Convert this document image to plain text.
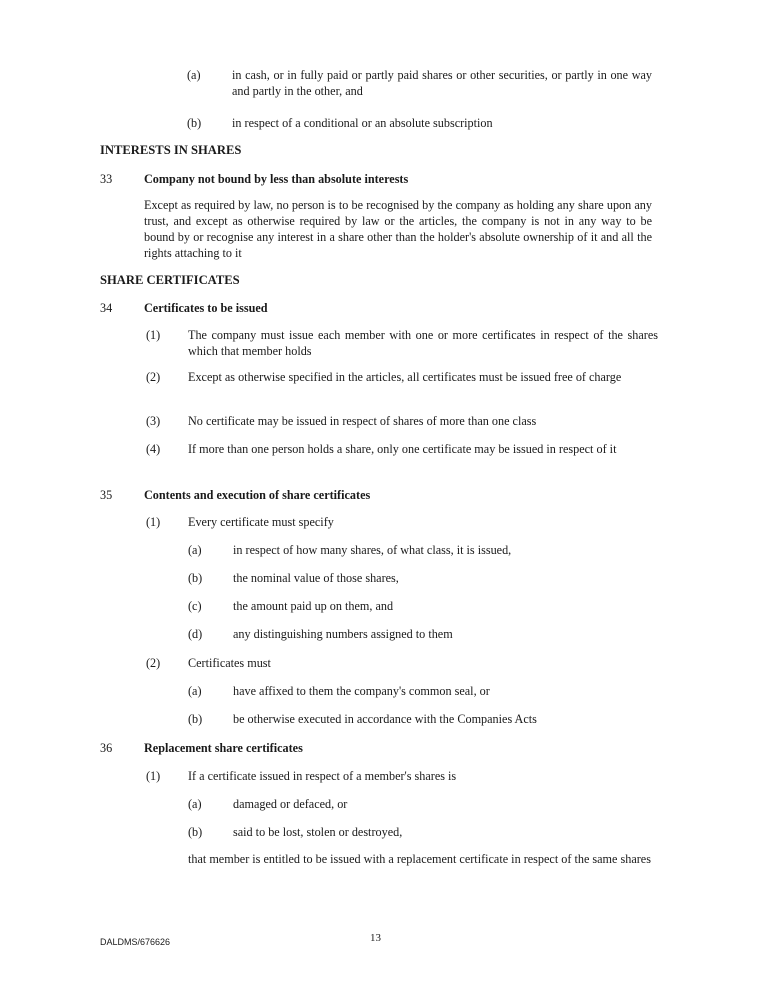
(a)	in cash, or in fully paid or partly paid shares or other securities, or partly in one way and partly in the other, and
(b)	in respect of a conditional or an absolute subscription
INTERESTS IN SHARES
33	Company not bound by less than absolute interests
Except as required by law, no person is to be recognised by the company as holding any share upon any trust, and except as otherwise required by law or the articles, the company is not in any way to be bound by or recognise any interest in a share other than the holder's absolute ownership of it and all the rights attaching to it
SHARE CERTIFICATES
34	Certificates to be issued
(1) The company must issue each member with one or more certificates in respect of the shares which that member holds
(2) Except as otherwise specified in the articles, all certificates must be issued free of charge
(3) No certificate may be issued in respect of shares of more than one class
(4) If more than one person holds a share, only one certificate may be issued in respect of it
35	Contents and execution of share certificates
(1) Every certificate must specify
(a)	in respect of how many shares, of what class, it is issued,
(b)	the nominal value of those shares,
(c)	the amount paid up on them, and
(d)	any distinguishing numbers assigned to them
(2) Certificates must
(a)	have affixed to them the company's common seal, or
(b)	be otherwise executed in accordance with the Companies Acts
36	Replacement share certificates
(1) If a certificate issued in respect of a member's shares is
(a)	damaged or defaced, or
(b)	said to be lost, stolen or destroyed,
that member is entitled to be issued with a replacement certificate in respect of the same shares
DALDMS/676626	13
